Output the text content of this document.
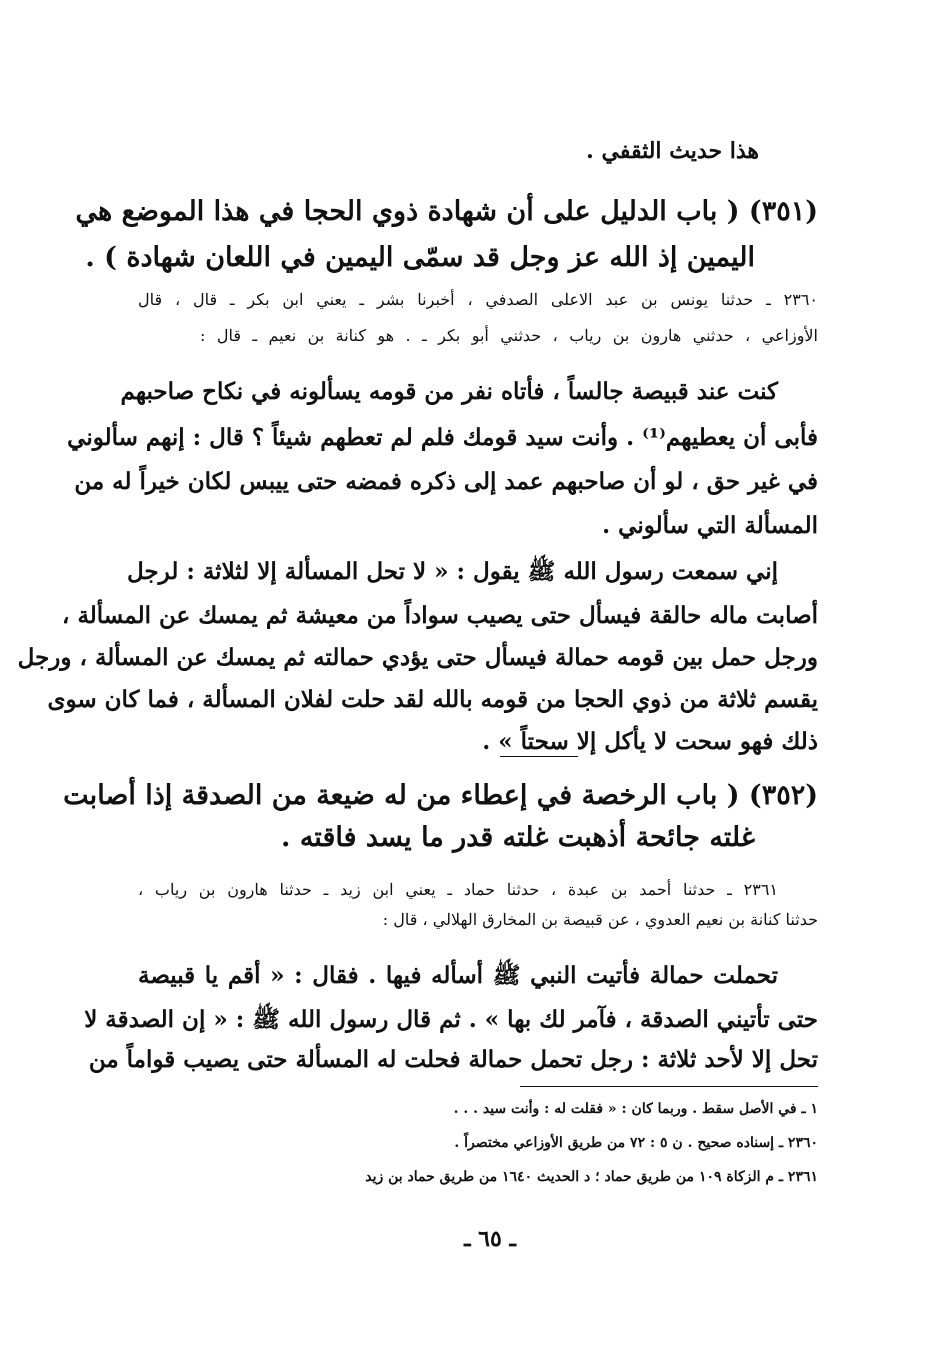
هذا حديث الثقفي .
(٣٥١) ( باب الدليل على أن شهادة ذوي الحجا في هذا الموضع هي
اليمين إذ الله عز وجل قد سمّى اليمين في اللعان شهادة ) .
٢٣٦٠ ـ حدثنا يونس بن عبد الاعلى الصدفي ، أخبرنا بشر ـ يعني ابن بكر ـ قال ، قال
الأوزاعي ، حدثني هارون بن رياب ، حدثني أبو بكر ـ . هو كنانة بن نعيم ـ قال :
كنت عند قبيصة جالساً ، فأتاه نفر من قومه يسألونه في نكاح صاحبهم
فأبى أن يعطيهم⁽¹⁾ . وأنت سيد قومك فلم لم تعطهم شيئاً ؟ قال : إنهم سألوني
في غير حق ، لو أن صاحبهم عمد إلى ذكره فمضه حتى ييبس لكان خيراً له من
المسألة التي سألوني .
إني سمعت رسول الله ﷺ يقول : « لا تحل المسألة إلا لثلاثة : لرجل
أصابت ماله حالقة فيسأل حتى يصيب سواداً من معيشة ثم يمسك عن المسألة ،
ورجل حمل بين قومه حمالة فيسأل حتى يؤدي حمالته ثم يمسك عن المسألة ، ورجل
يقسم ثلاثة من ذوي الحجا من قومه بالله لقد حلت لفلان المسألة ، فما كان سوى
ذلك فهو سحت لا يأكل إلا سحتاً » .
(٣٥٢) ( باب الرخصة في إعطاء من له ضيعة من الصدقة إذا أصابت
غلته جائحة أذهبت غلته قدر ما يسد فاقته .
٢٣٦١ ـ حدثنا أحمد بن عبدة ، حدثنا حماد ـ يعني ابن زيد ـ حدثنا هارون بن رياب ،
حدثنا كنانة بن نعيم العدوي ، عن قبيصة بن المخارق الهلالي ، قال :
تحملت حمالة فأتيت النبي ﷺ أسأله فيها . فقال : « أقم يا قبيصة
حتى تأتيني الصدقة ، فآمر لك بها » . ثم قال رسول الله ﷺ : « إن الصدقة لا
تحل إلا لأحد ثلاثة : رجل تحمل حمالة فحلت له المسألة حتى يصيب قواماً من
١ ـ في الأصل سقط . وربما كان : « فقلت له : وأنت سيد . . .
٢٣٦٠ ـ إسناده صحيح . ن ٥ : ٧٢ من طريق الأوزاعي مختصراً .
٢٣٦١ ـ م الزكاة ١٠٩ من طريق حماد ؛ د الحديث ١٦٤٠ من طريق حماد بن زيد
ـ ٦٥ ـ
